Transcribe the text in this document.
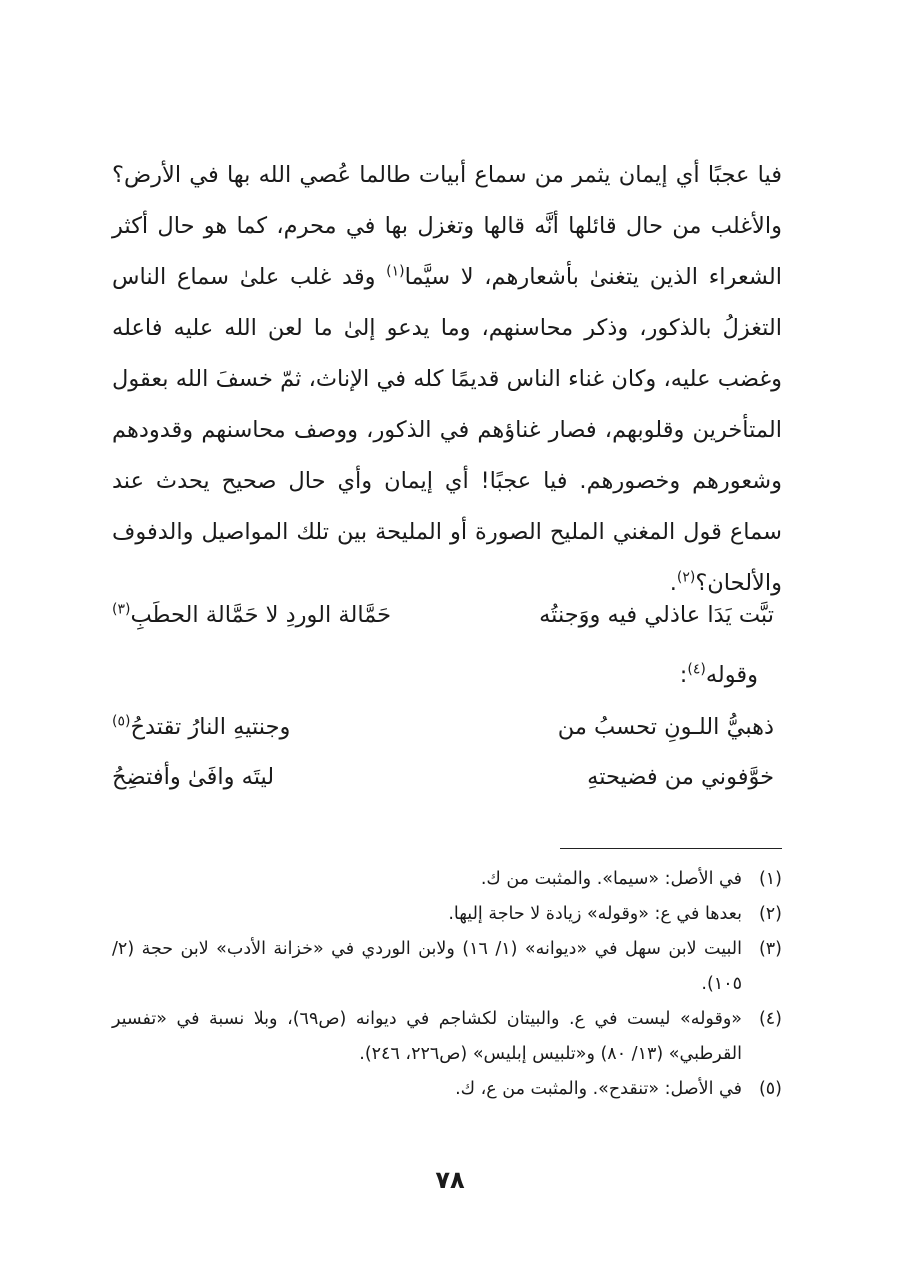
فيا عجبًا أي إيمان يثمر من سماع أبيات طالما عُصي الله بها في الأرض؟ والأغلب من حال قائلها أنَّه قالها وتغزل بها في محرم، كما هو حال أكثر الشعراء الذين يتغنىٰ بأشعارهم، لا سيَّما$^{(١)}$ وقد غلب علىٰ سماع الناس التغزلُ بالذكور، وذكر محاسنهم، وما يدعو إلىٰ ما لعن الله عليه فاعله وغضب عليه، وكان غناء الناس قديمًا كله في الإناث، ثمّ خسفَ الله بعقول المتأخرين وقلوبهم، فصار غناؤهم في الذكور، ووصف محاسنهم وقدودهم وشعورهم وخصورهم. فيا عجبًا! أي إيمان وأي حال صحيح يحدث عند سماع قول المغني المليح الصورة أو المليحة بين تلك المواصيل والدفوف والألحان؟$^{(٢)}$.

تبَّت يَدَا عاذلي فيه ووَجنتُه
حَمَّالة الوردِ لا حَمَّالة الحطَبِ$^{(٣)}$
وقوله$^{(٤)}$:
ذهبيُّ اللـونِ تحسبُ من
وجنتيهِ النارُ تقتدحُ$^{(٥)}$
خوَّفوني من فضيحتهِ
ليتَه وافَىٰ وأفتضِحُ
(١)
في الأصل: «سيما». والمثبت من ك.
(٢)
بعدها في ع: «وقوله» زيادة لا حاجة إليها.
(٣)
البيت لابن سهل في «ديوانه» (١/ ١٦) ولابن الوردي في «خزانة الأدب» لابن حجة (٢/ ١٠٥).
(٤)
«وقوله» ليست في ع. والبيتان لكشاجم في ديوانه (ص٦٩)، وبلا نسبة في «تفسير القرطبي» (١٣/ ٨٠) و«تلبيس إبليس» (ص٢٢٦، ٢٤٦).
(٥)
في الأصل: «تنقدح». والمثبت من ع، ك.
٧٨
